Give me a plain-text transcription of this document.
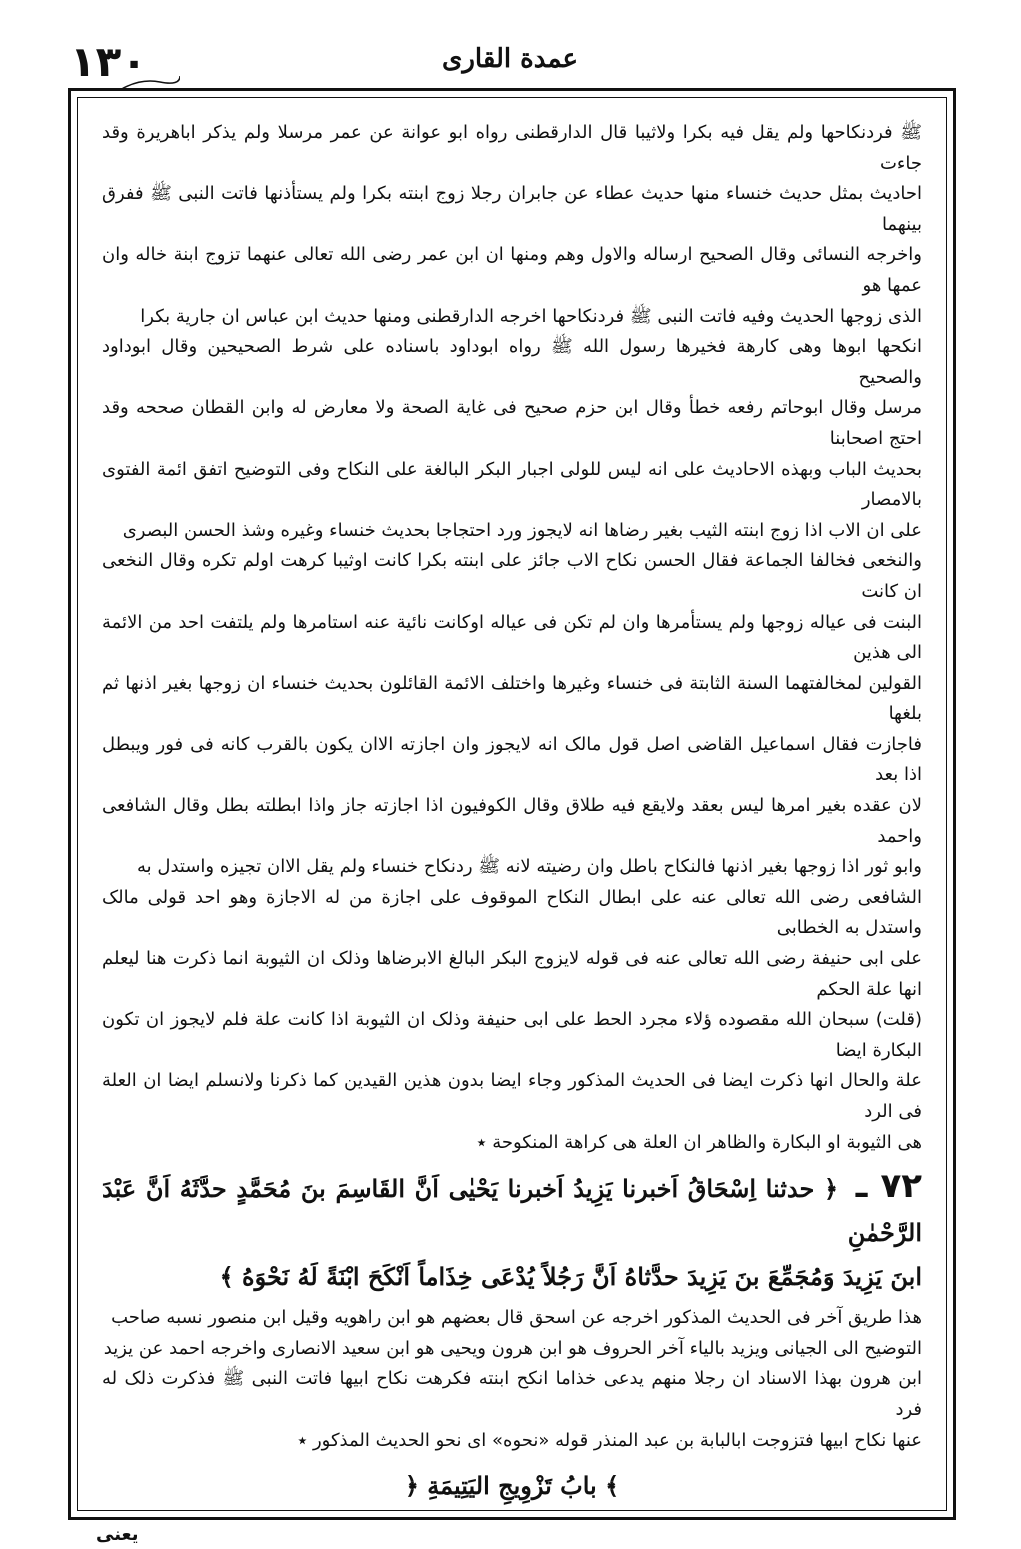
١٣٠	عمدة القاری
ﷺ فردنکاحها ولم یقل فیه بکرا ولاثیبا قال الدارقطنی رواه ابو عوانة عن عمر مرسلا ولم یذکر اباهریرة وقد جاءت
احادیث بمثل حدیث خنساء منها حدیث عطاء عن جابران رجلا زوج ابنته بکرا ولم یستأذنها فاتت النبی ﷺ ففرق بینهما
واخرجه النسائی وقال الصحیح ارساله والاول وهم ومنها ان ابن عمر رضی الله تعالی عنهما تزوج ابنة خاله وان عمها هو
الذی زوجها الحدیث وفیه فاتت النبی ﷺ فردنکاحها اخرجه الدارقطنی ومنها حدیث ابن عباس ان جاریة بکرا
انکحها ابوها وهی کارهة فخیرها رسول الله ﷺ رواه ابوداود باسناده علی شرط الصحیحین وقال ابوداود والصحیح
مرسل وقال ابوحاتم رفعه خطأ وقال ابن حزم صحیح فی غایة الصحة ولا معارض له وابن القطان صححه وقد احتج اصحابنا
بحدیث الباب وبهذه الاحادیث علی انه لیس للولی اجبار البکر البالغة علی النکاح وفی التوضیح اتفق ائمة الفتوی بالامصار
علی ان الاب اذا زوج ابنته الثیب بغیر رضاها انه لایجوز ورد احتجاجا بحدیث خنساء وغیره وشذ الحسن البصری
والنخعی فخالفا الجماعة فقال الحسن نکاح الاب جائز علی ابنته بکرا کانت اوثیبا کرهت اولم تکره وقال النخعی ان کانت
البنت فی عیاله زوجها ولم یستأمرها وان لم تکن فی عیاله اوکانت نائیة عنه استامرها ولم یلتفت احد من الائمة الی هذین
القولین لمخالفتهما السنة الثابتة فی خنساء وغیرها واختلف الائمة القائلون بحدیث خنساء ان زوجها بغیر اذنها ثم بلغها
فاجازت فقال اسماعیل القاضی اصل قول مالک انه لایجوز وان اجازته الاان یکون بالقرب کانه فی فور ویبطل اذا بعد
لان عقده بغیر امرها لیس بعقد ولایقع فیه طلاق وقال الکوفیون اذا اجازته جاز واذا ابطلته بطل وقال الشافعی واحمد
وابو ثور اذا زوجها بغیر اذنها فالنکاح باطل وان رضیته لانه ﷺ ردنکاح خنساء ولم یقل الاان تجیزه واستدل به
الشافعی رضی الله تعالی عنه علی ابطال النکاح الموقوف علی اجازة من له الاجازة وهو احد قولی مالک واستدل به الخطابی
علی ابی حنیفة رضی الله تعالی عنه فی قوله لایزوج البکر البالغ الابرضاها وذلک ان الثیوبة انما ذکرت هنا لیعلم انها علة الحکم
(قلت) سبحان الله مقصوده ؤلاء مجرد الحط علی ابی حنیفة وذلک ان الثیوبة اذا کانت علة فلم لایجوز ان تکون البکارة ایضا
علة والحال انها ذکرت ایضا فی الحدیث المذکور وجاء ایضا بدون هذین القیدین کما ذکرنا ولانسلم ایضا ان العلة فی الرد
هی الثیوبة او البکارة والظاهر ان العلة هی کراهة المنکوحة ٭
٧٢ ـ ﴿ حدثنا اِسْحَاقُ اَخبرنا یَزِیدُ اَخبرنا یَحْیٰی اَنَّ القَاسِمَ بنَ مُحَمَّدٍ حدَّثَهُ اَنَّ عَبْدَ الرَّحْمٰنِ
ابنَ یَزِیدَ وَمُجَمِّعَ بنَ یَزِیدَ حدَّثاهُ اَنَّ رَجُلاً یُدْعَی خِذَاماً اَنْکَحَ ابْنَةً لَهُ نَحْوَهُ ﴾
هذا طریق آخر فی الحدیث المذکور اخرجه عن اسحق قال بعضهم هو ابن راهویه وقیل ابن منصور نسبه صاحب
التوضیح الی الجیانی ویزید بالیاء آخر الحروف هو ابن هرون ویحیی هو ابن سعید الانصاری واخرجه احمد عن یزید
ابن هرون بهذا الاسناد ان رجلا منهم یدعی خذاما انکح ابنته فکرهت نکاح ابیها فاتت النبی ﷺ فذکرت ذلک له فرد
عنها نکاح ابیها فتزوجت ابالبابة بن عبد المنذر قوله «نحوه» ای نحو الحدیث المذکور ٭
﴿ بابُ تَزْوِیجِ الیَتِیمَةِ ﴾
یعنی
